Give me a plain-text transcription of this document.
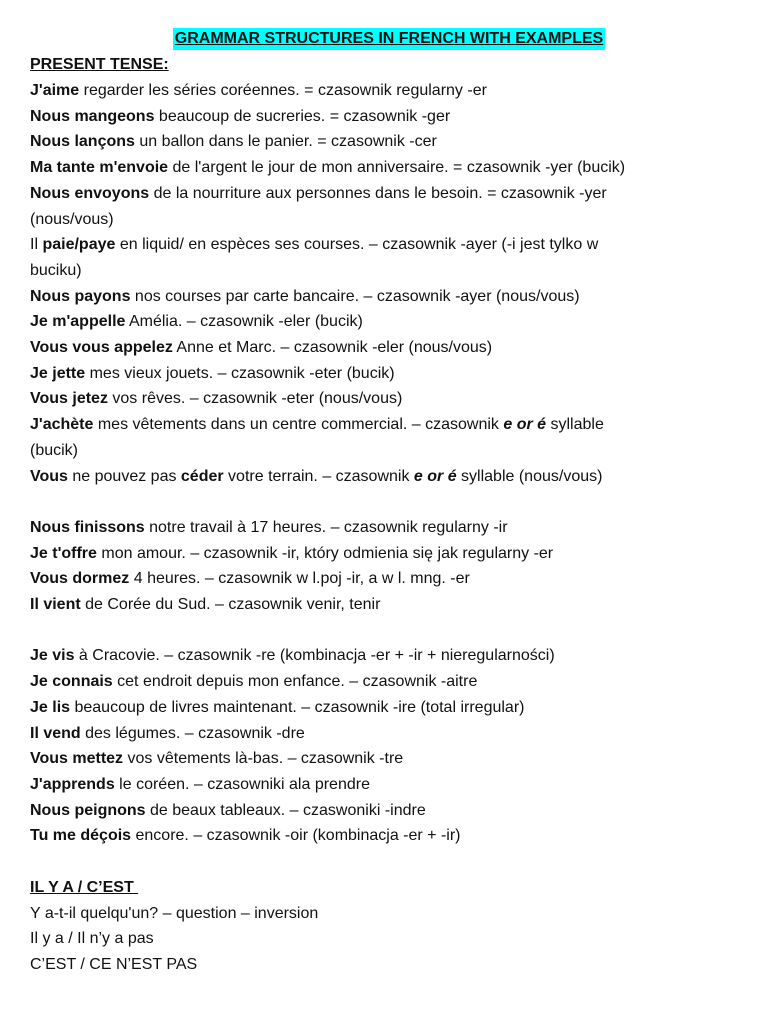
GRAMMAR STRUCTURES IN FRENCH WITH EXAMPLES
PRESENT TENSE:
J'aime regarder les séries coréennes. = czasownik regularny -er
Nous mangeons beaucoup de sucreries. = czasownik -ger
Nous lançons un ballon dans le panier. = czasownik -cer
Ma tante m'envoie de l'argent le jour de mon anniversaire. = czasownik -yer (bucik)
Nous envoyons de la nourriture aux personnes dans le besoin. = czasownik -yer
(nous/vous)
Il paie/paye en liquid/ en espèces ses courses. – czasownik -ayer (-i jest tylko w
buciku)
Nous payons nos courses par carte bancaire. – czasownik -ayer (nous/vous)
Je m'appelle Amélia. – czasownik -eler (bucik)
Vous vous appelez Anne et Marc. – czasownik -eler (nous/vous)
Je jette mes vieux jouets. – czasownik -eter (bucik)
Vous jetez vos rêves. – czasownik -eter (nous/vous)
J'achète mes vêtements dans un centre commercial. – czasownik e or é syllable
(bucik)
Vous ne pouvez pas céder votre terrain. – czasownik e or é syllable (nous/vous)
Nous finissons notre travail à 17 heures. – czasownik regularny -ir
Je t'offre mon amour. – czasownik -ir, który odmienia się jak regularny -er
Vous dormez 4 heures. – czasownik w l.poj -ir, a w l. mng. -er
Il vient de Corée du Sud. – czasownik venir, tenir
Je vis à Cracovie. – czasownik -re (kombinacja -er + -ir + nieregularności)
Je connais cet endroit depuis mon enfance. – czasownik -aitre
Je lis beaucoup de livres maintenant. – czasownik -ire (total irregular)
Il vend des légumes. – czasownik -dre
Vous mettez vos vêtements là-bas. – czasownik -tre
J'apprends le coréen. – czasowniki ala prendre
Nous peignons de beaux tableaux. – czaswoniki -indre
Tu me déçois encore. – czasownik -oir (kombinacja -er + -ir)
IL Y A / C’EST
Y a-t-il quelqu'un? – question – inversion
Il y a / Il n’y a pas
C’EST / CE N’EST PAS
